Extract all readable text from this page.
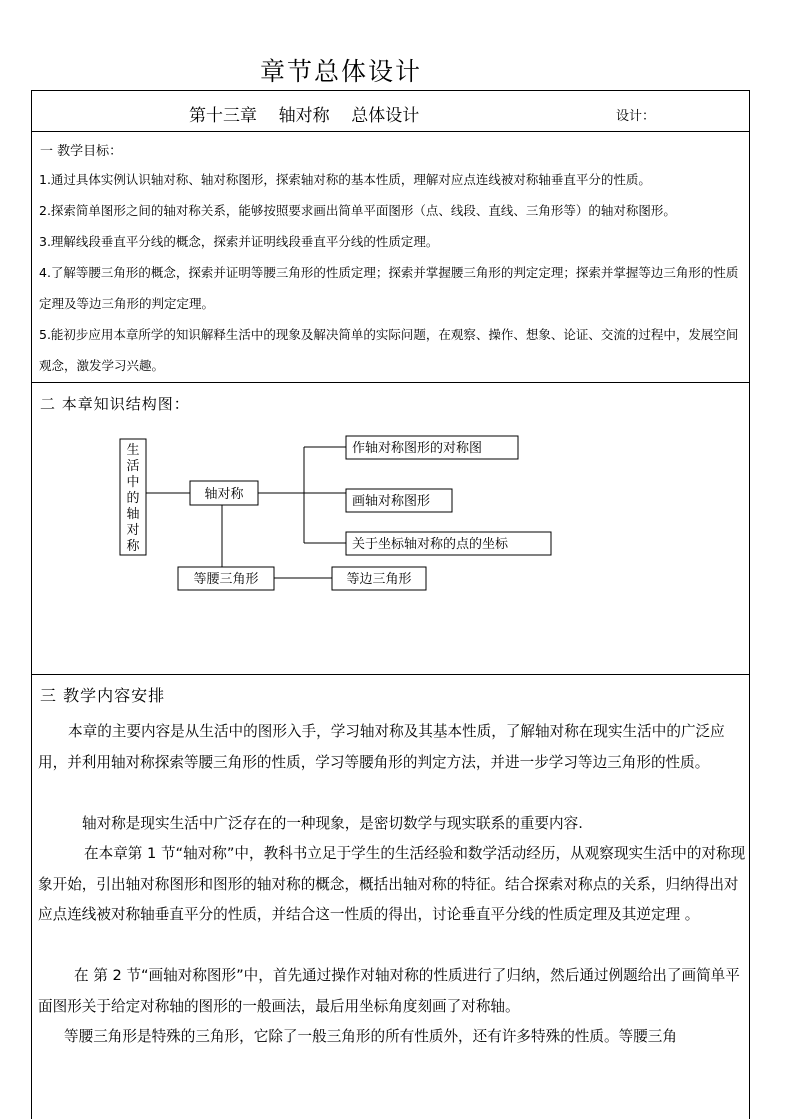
章节总体设计
第十三章    轴对称    总体设计	设计：
一 教学目标：
1.通过具体实例认识轴对称、轴对称图形，探索轴对称的基本性质，理解对应点连线被对称轴垂直平分的性质。
2.探索简单图形之间的轴对称关系，能够按照要求画出简单平面图形（点、线段、直线、三角形等）的轴对称图形。
3.理解线段垂直平分线的概念，探索并证明线段垂直平分线的性质定理。
4.了解等腰三角形的概念，探索并证明等腰三角形的性质定理；探索并掌握腰三角形的判定定理；探索并掌握等边三角形的性质定理及等边三角形的判定定理。
5.能初步应用本章所学的知识解释生活中的现象及解决简单的实际问题，在观察、操作、想象、论证、交流的过程中，发展空间观念，激发学习兴趣。
二 本章知识结构图：
生活中的轴对称
轴对称
作轴对称图形的对称图
画轴对称图形
关于坐标轴对称的点的坐标
等腰三角形	等边三角形
三 教学内容安排
本章的主要内容是从生活中的图形入手，学习轴对称及其基本性质，了解轴对称在现实生活中的广泛应用，并利用轴对称探索等腰三角形的性质，学习等腰角形的判定方法，并进一步学习等边三角形的性质。
轴对称是现实生活中广泛存在的一种现象，是密切数学与现实联系的重要内容.
在本章第 1 节“轴对称”中，教科书立足于学生的生活经验和数学活动经历，从观察现实生活中的对称现象开始，引出轴对称图形和图形的轴对称的概念，概括出轴对称的特征。结合探索对称点的关系，归纳得出对应点连线被对称轴垂直平分的性质，并结合这一性质的得出，讨论垂直平分线的性质定理及其逆定理 。
在 第 2 节“画轴对称图形”中，首先通过操作对轴对称的性质进行了归纳，然后通过例题给出了画简单平面图形关于给定对称轴的图形的一般画法，最后用坐标角度刻画了对称轴。
等腰三角形是特殊的三角形，它除了一般三角形的所有性质外，还有许多特殊的性质。等腰三角
